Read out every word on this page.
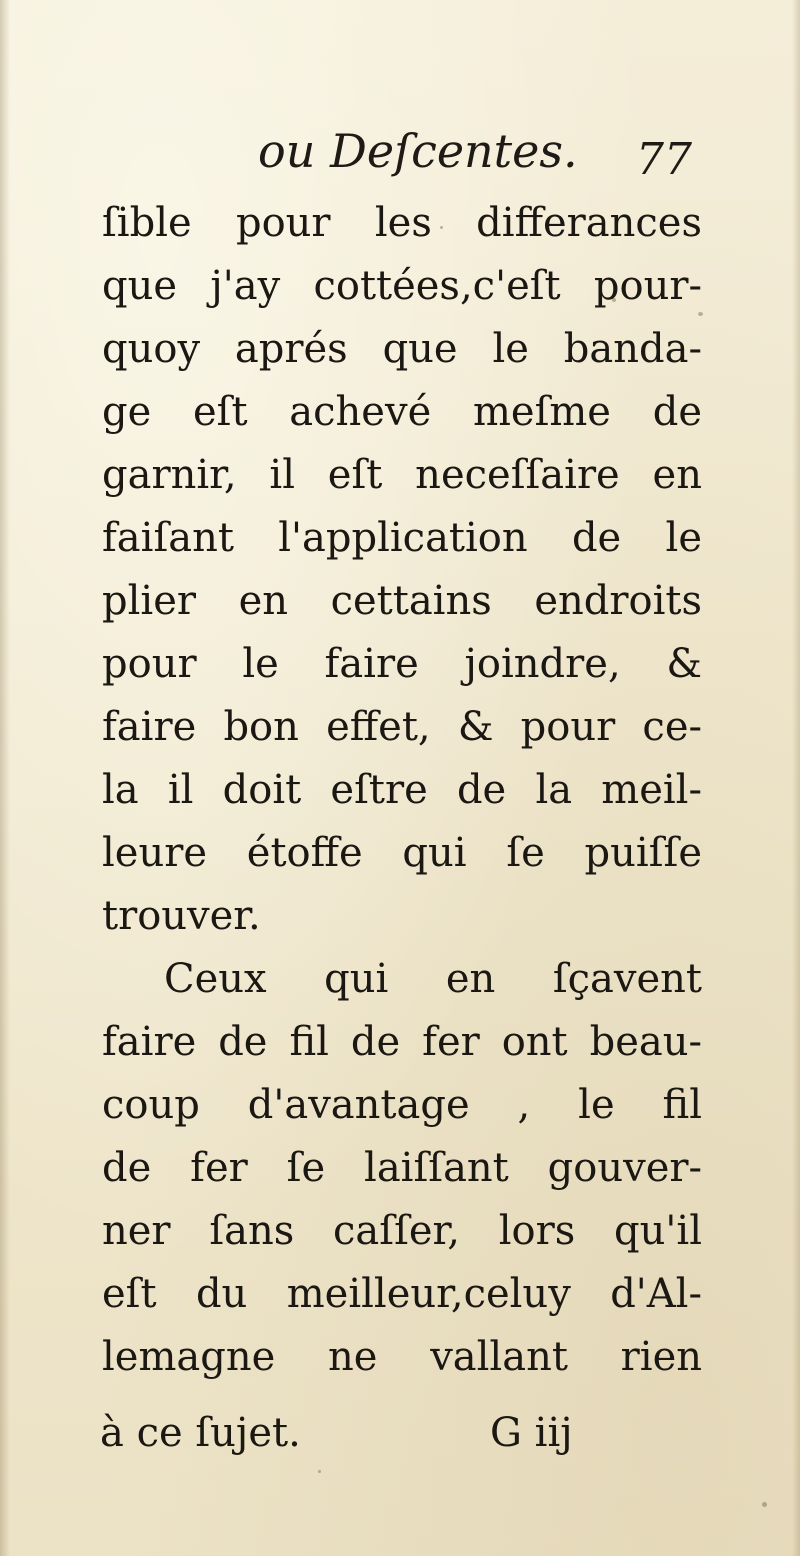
ou Deſcentes. 77
ſible pour les differances
que j'ay cottées,c'eſt pour-
quoy aprés que le banda-
ge eſt achevé meſme de
garnir, il eſt neceſſaire en
faiſant l'application de le
plier en cettains endroits
pour le faire joindre, &
faire bon effet, & pour ce-
la il doit eſtre de la meil-
leure étoffe qui ſe puiſſe
trouver.
Ceux qui en ſçavent
faire de fil de fer ont beau-
coup d'avantage , le fil
de fer ſe laiſſant gouver-
ner ſans caſſer, lors qu'il
eſt du meilleur,celuy d'Al-
lemagne ne vallant rien
à ce ſujet.	G iij
